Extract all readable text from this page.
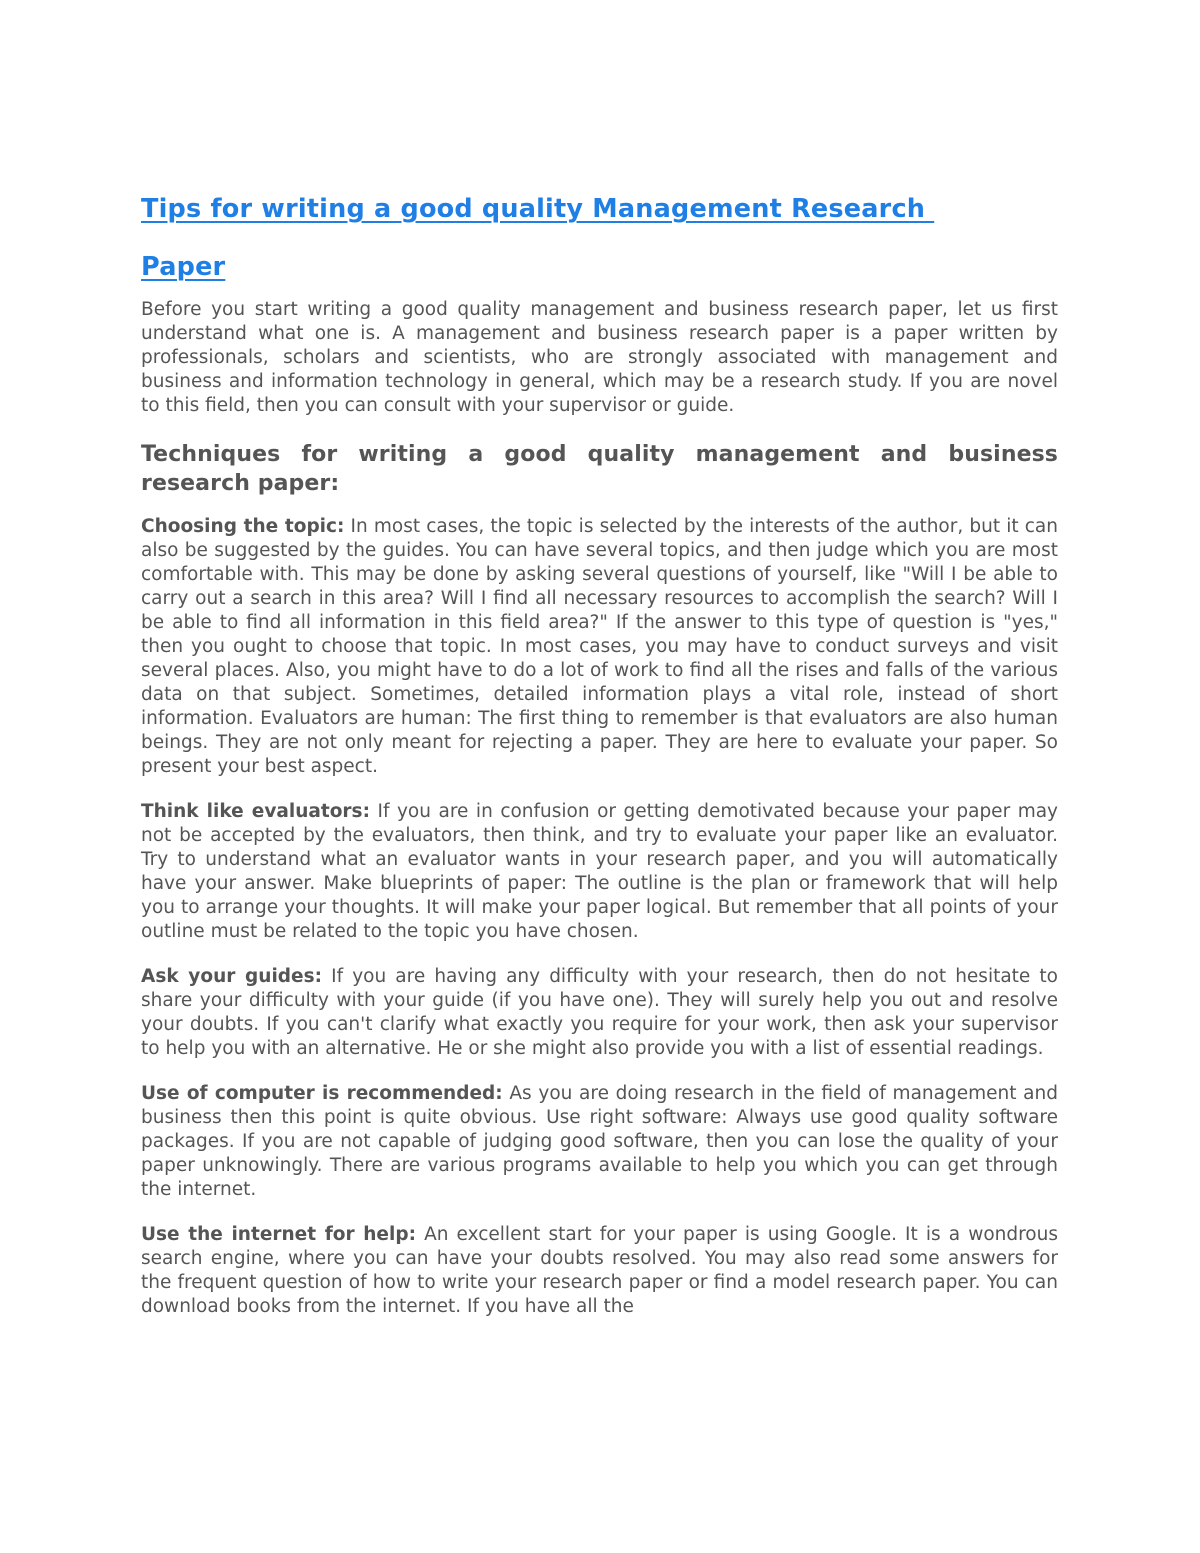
Tips for writing a good quality Management Research
Paper

Before you start writing a good quality management and business research paper, let us first understand what one is. A management and business research paper is a paper written by professionals, scholars and scientists, who are strongly associated with management and business and information technology in general, which may be a research study. If you are novel to this field, then you can consult with your supervisor or guide.

Techniques for writing a good quality management and business research paper:

Choosing the topic: In most cases, the topic is selected by the interests of the author, but it can also be suggested by the guides. You can have several topics, and then judge which you are most comfortable with. This may be done by asking several questions of yourself, like "Will I be able to carry out a search in this area? Will I find all necessary resources to accomplish the search? Will I be able to find all information in this field area?" If the answer to this type of question is "yes," then you ought to choose that topic. In most cases, you may have to conduct surveys and visit several places. Also, you might have to do a lot of work to find all the rises and falls of the various data on that subject. Sometimes, detailed information plays a vital role, instead of short information. Evaluators are human: The first thing to remember is that evaluators are also human beings. They are not only meant for rejecting a paper. They are here to evaluate your paper. So present your best aspect.

Think like evaluators: If you are in confusion or getting demotivated because your paper may not be accepted by the evaluators, then think, and try to evaluate your paper like an evaluator. Try to understand what an evaluator wants in your research paper, and you will automatically have your answer. Make blueprints of paper: The outline is the plan or framework that will help you to arrange your thoughts. It will make your paper logical. But remember that all points of your outline must be related to the topic you have chosen.

Ask your guides: If you are having any difficulty with your research, then do not hesitate to share your difficulty with your guide (if you have one). They will surely help you out and resolve your doubts. If you can't clarify what exactly you require for your work, then ask your supervisor to help you with an alternative. He or she might also provide you with a list of essential readings.

Use of computer is recommended: As you are doing research in the field of management and business then this point is quite obvious. Use right software: Always use good quality software packages. If you are not capable of judging good software, then you can lose the quality of your paper unknowingly. There are various programs available to help you which you can get through the internet.

Use the internet for help: An excellent start for your paper is using Google. It is a wondrous search engine, where you can have your doubts resolved. You may also read some answers for the frequent question of how to write your research paper or find a model research paper. You can download books from the internet. If you have all the
